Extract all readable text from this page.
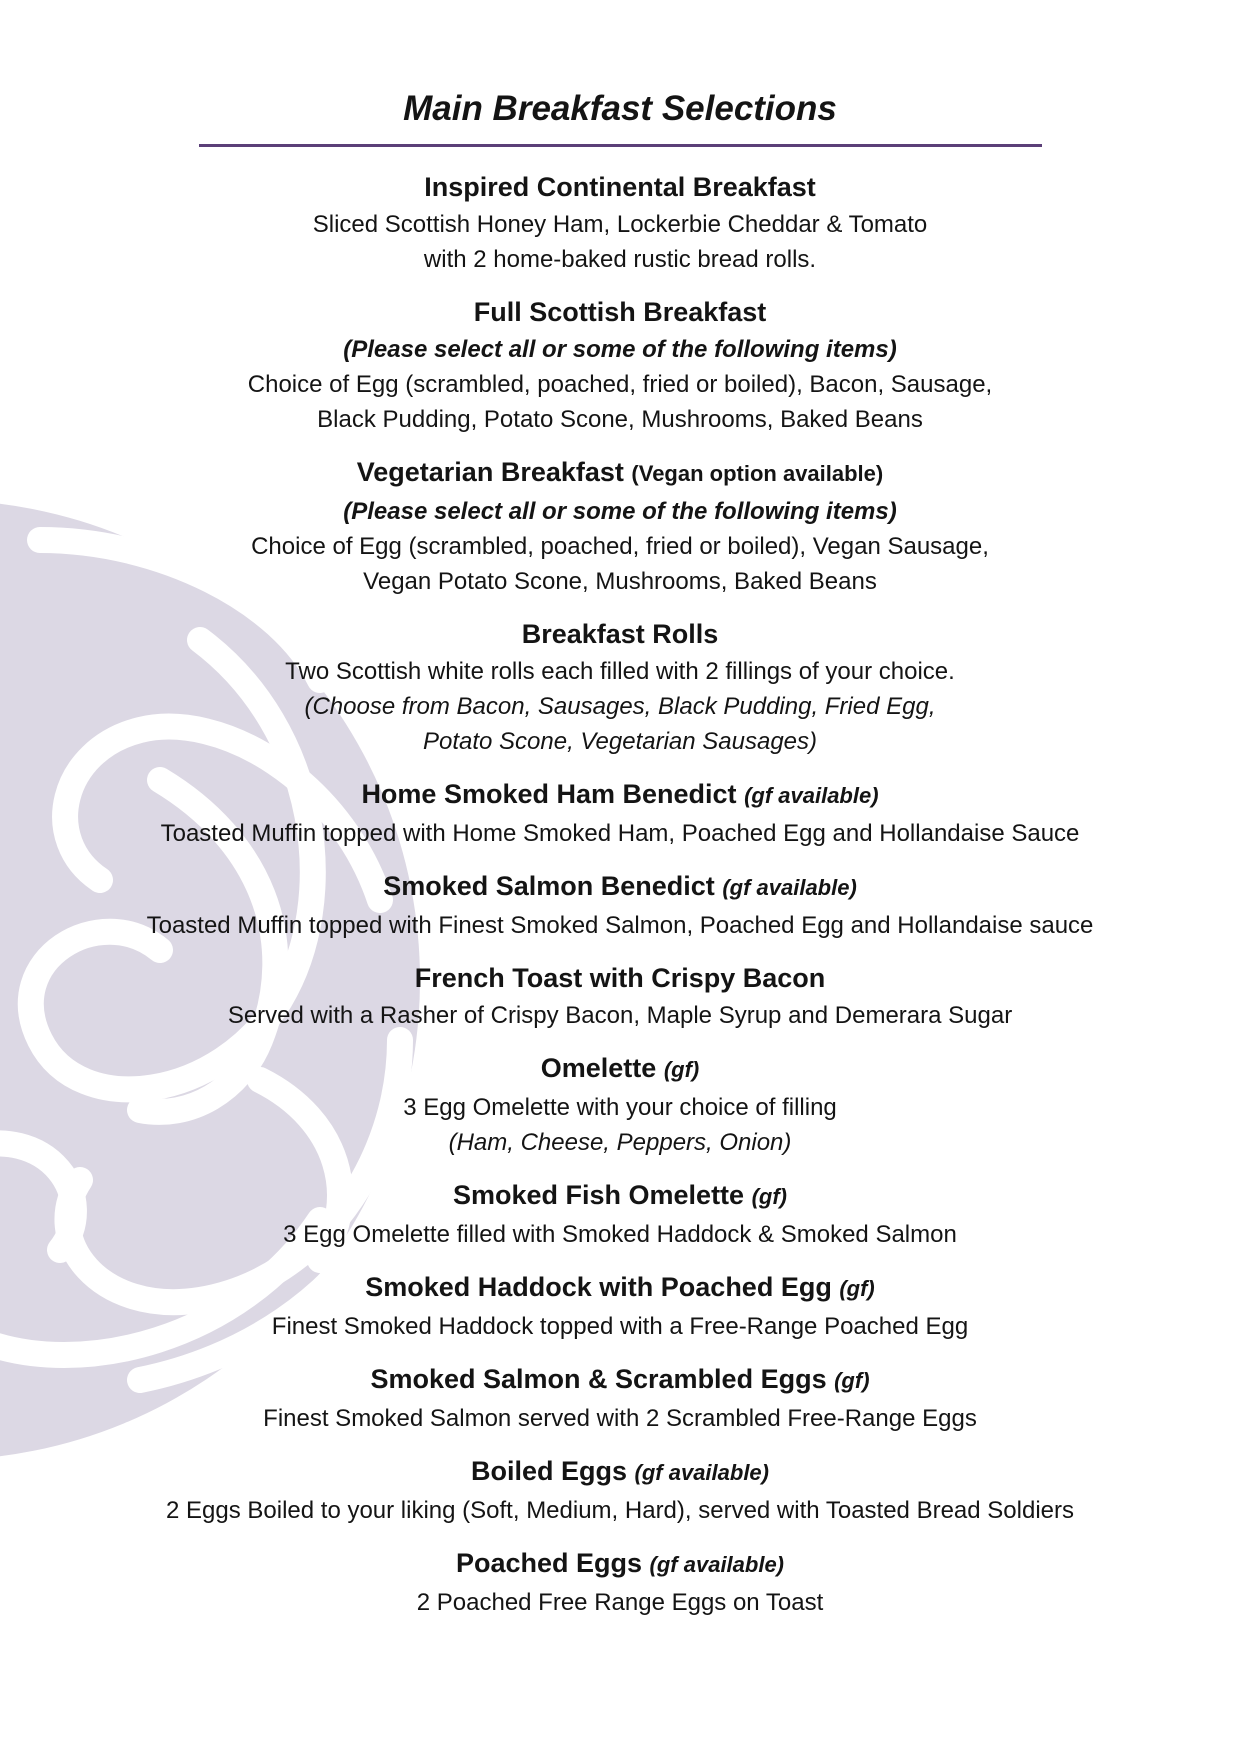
Main Breakfast Selections
Inspired Continental Breakfast
Sliced Scottish Honey Ham, Lockerbie Cheddar & Tomato
with 2 home-baked rustic bread rolls.
Full Scottish Breakfast
(Please select all or some of the following items)
Choice of Egg (scrambled, poached, fried or boiled), Bacon, Sausage,
Black Pudding, Potato Scone, Mushrooms, Baked Beans
Vegetarian Breakfast (Vegan option available)
(Please select all or some of the following items)
Choice of Egg (scrambled, poached, fried or boiled), Vegan Sausage,
Vegan Potato Scone, Mushrooms, Baked Beans
Breakfast Rolls
Two Scottish white rolls each filled with 2 fillings of your choice.
(Choose from Bacon, Sausages, Black Pudding, Fried Egg,
Potato Scone, Vegetarian Sausages)
Home Smoked Ham Benedict (gf available)
Toasted Muffin topped with Home Smoked Ham, Poached Egg and Hollandaise Sauce
Smoked Salmon Benedict (gf available)
Toasted Muffin topped with Finest Smoked Salmon, Poached Egg and Hollandaise sauce
French Toast with Crispy Bacon
Served with a Rasher of Crispy Bacon, Maple Syrup and Demerara Sugar
Omelette (gf)
3 Egg Omelette with your choice of filling
(Ham, Cheese, Peppers, Onion)
Smoked Fish Omelette (gf)
3 Egg Omelette filled with Smoked Haddock & Smoked Salmon
Smoked Haddock with Poached Egg (gf)
Finest Smoked Haddock topped with a Free-Range Poached Egg
Smoked Salmon & Scrambled Eggs (gf)
Finest Smoked Salmon served with 2 Scrambled Free-Range Eggs
Boiled Eggs (gf available)
2 Eggs Boiled to your liking (Soft, Medium, Hard), served with Toasted Bread Soldiers
Poached Eggs (gf available)
2 Poached Free Range Eggs on Toast
